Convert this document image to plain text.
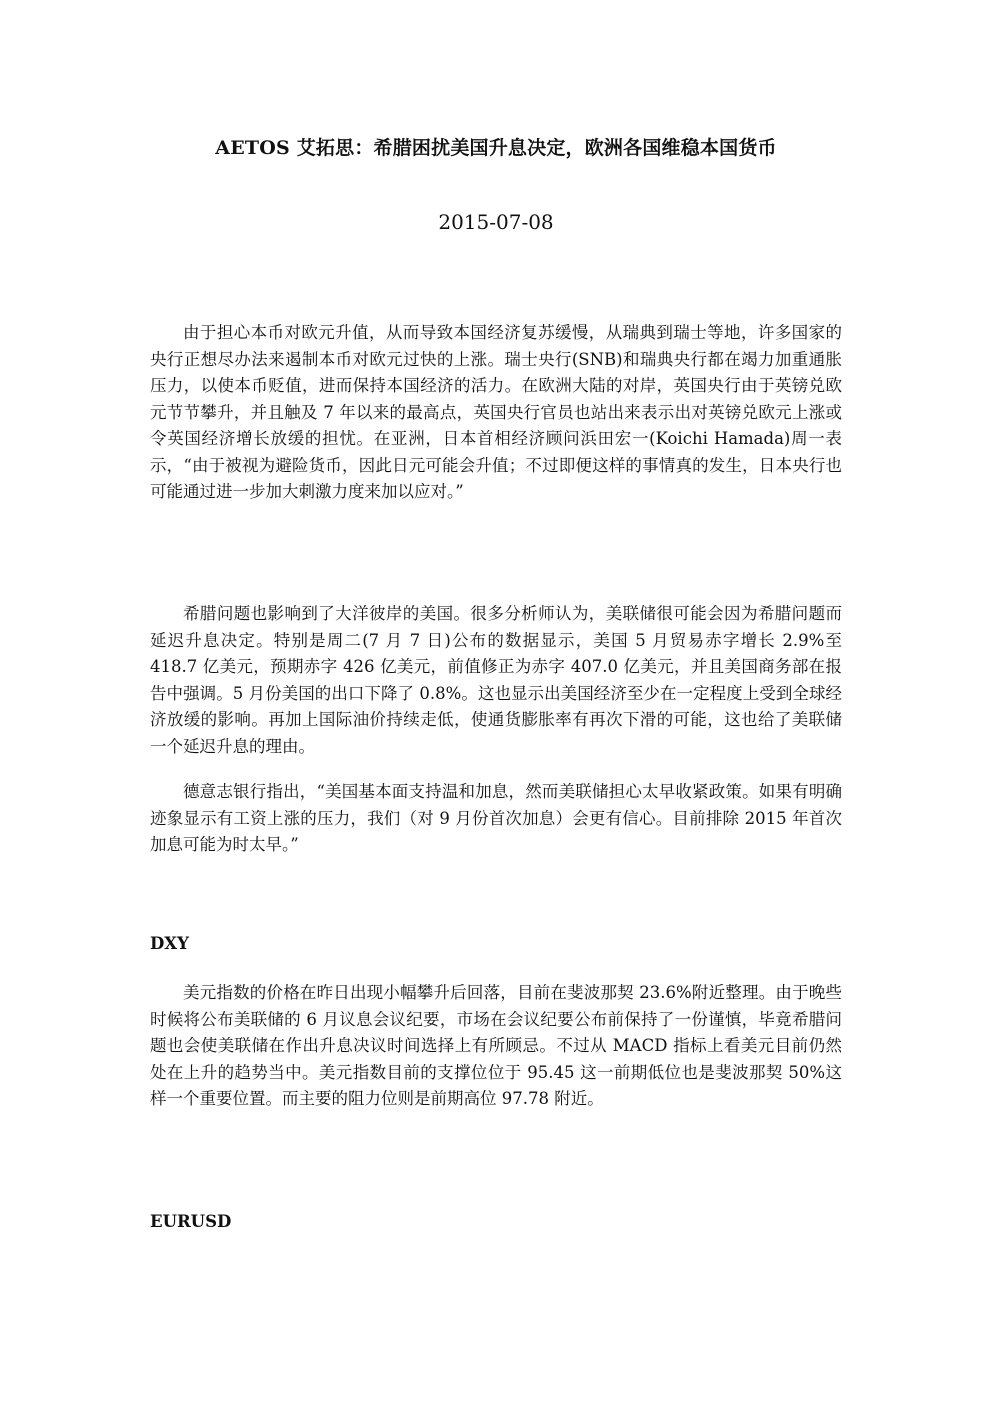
AETOS 艾拓思：希腊困扰美国升息决定，欧洲各国维稳本国货币
2015-07-08

由于担心本币对欧元升值，从而导致本国经济复苏缓慢，从瑞典到瑞士等地，许多国家的央行正想尽办法来遏制本币对欧元过快的上涨。瑞士央行(SNB)和瑞典央行都在竭力加重通胀压力，以使本币贬值，进而保持本国经济的活力。在欧洲大陆的对岸，英国央行由于英镑兑欧元节节攀升，并且触及 7 年以来的最高点，英国央行官员也站出来表示出对英镑兑欧元上涨或令英国经济增长放缓的担忧。在亚洲，日本首相经济顾问浜田宏一(Koichi Hamada)周一表示，“由于被视为避险货币，因此日元可能会升值；不过即便这样的事情真的发生，日本央行也可能通过进一步加大刺激力度来加以应对。”

希腊问题也影响到了大洋彼岸的美国。很多分析师认为，美联储很可能会因为希腊问题而延迟升息决定。特别是周二(7 月 7 日)公布的数据显示，美国 5 月贸易赤字增长 2.9%至 418.7 亿美元，预期赤字 426 亿美元，前值修正为赤字 407.0 亿美元，并且美国商务部在报告中强调。5 月份美国的出口下降了 0.8%。这也显示出美国经济至少在一定程度上受到全球经济放缓的影响。再加上国际油价持续走低，使通货膨胀率有再次下滑的可能，这也给了美联储一个延迟升息的理由。

德意志银行指出，“美国基本面支持温和加息，然而美联储担心太早收紧政策。如果有明确迹象显示有工资上涨的压力，我们（对 9 月份首次加息）会更有信心。目前排除 2015 年首次加息可能为时太早。”

DXY

美元指数的价格在昨日出现小幅攀升后回落，目前在斐波那契 23.6%附近整理。由于晚些时候将公布美联储的 6 月议息会议纪要，市场在会议纪要公布前保持了一份谨慎，毕竟希腊问题也会使美联储在作出升息决议时间选择上有所顾忌。不过从 MACD 指标上看美元目前仍然处在上升的趋势当中。美元指数目前的支撑位位于 95.45 这一前期低位也是斐波那契 50%这样一个重要位置。而主要的阻力位则是前期高位 97.78 附近。

EURUSD
